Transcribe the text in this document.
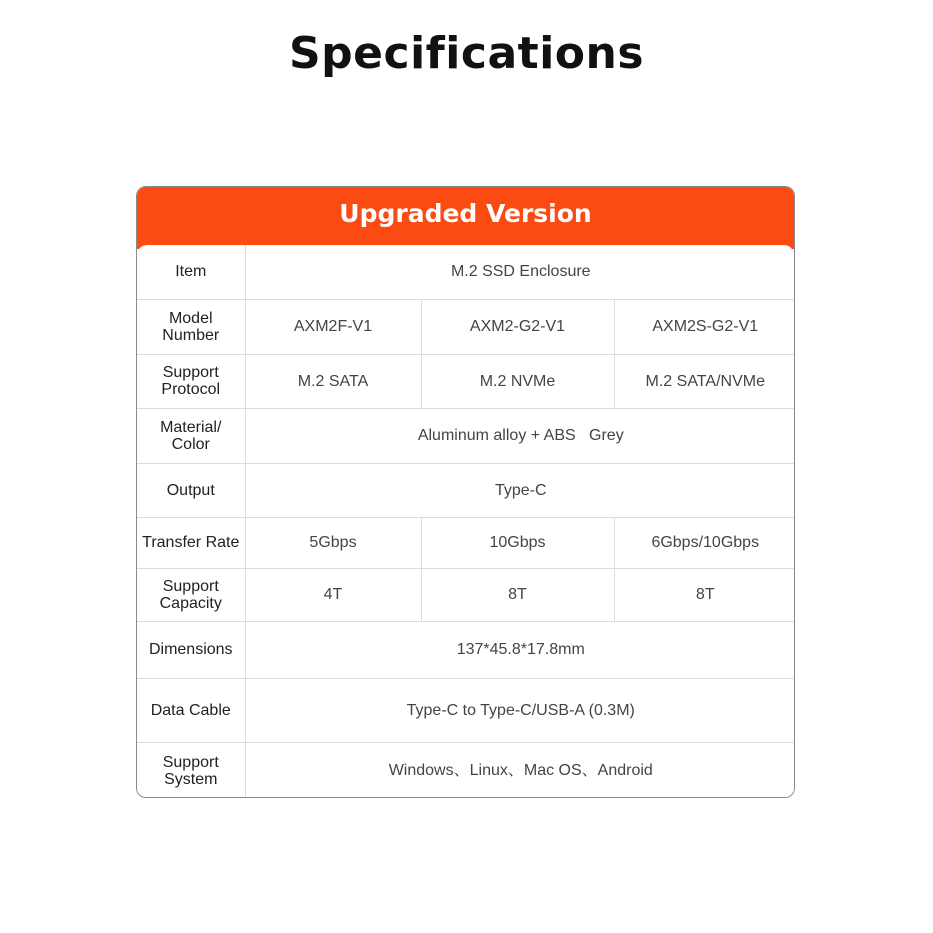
Specifications
Upgraded Version
Item	M.2 SSD Enclosure		
Model Number	AXM2F-V1	AXM2-G2-V1	AXM2S-G2-V1
Support Protocol	M.2 SATA	M.2 NVMe	M.2 SATA/NVMe
Material/ Color	Aluminum alloy + ABS   Grey		
Output	Type-C		
Transfer Rate	5Gbps	10Gbps	6Gbps/10Gbps
Support Capacity	4T	8T	8T
Dimensions	137*45.8*17.8mm		
Data Cable	Type-C to Type-C/USB-A (0.3M)		
Support System	Windows、Linux、Mac OS、Android		
